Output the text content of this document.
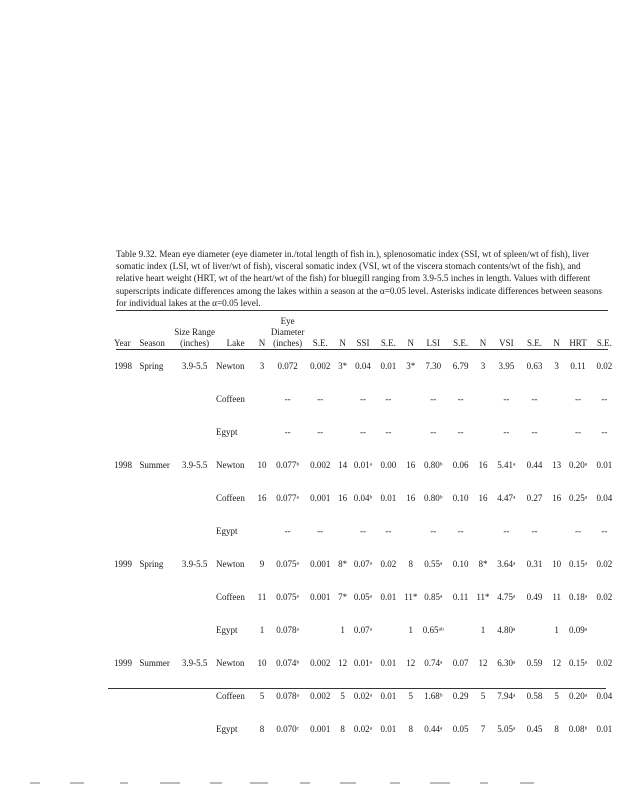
Table 9.32. Mean eye diameter (eye diameter in./total length of fish in.), splenosomatic index (SSI, wt of spleen/wt of fish), liver somatic index (LSI, wt of liver/wt of fish), visceral somatic index (VSI, wt of the viscera stomach contents/wt of the fish), and relative heart weight (HRT, wt of the heart/wt of the fish) for bluegill ranging from 3.9-5.5 inches in length. Values with different superscripts indicate differences among the lakes within a season at the α=0.05 level. Asterisks indicate differences between seasons for individual lakes at the α=0.05 level.
Year	Season	Size Range (inches)	Lake	N	Eye Diameter (inches)	S.E.	N	SSI	S.E.	N	LSI	S.E.	N	VSI	S.E.	N	HRT	S.E.
1998	Spring	3.9-5.5	Newton	3	0.072	0.002	3*	0.04	0.01	3*	7.30	6.79	3	3.95	0.63	3	0.11	0.02
			Coffeen		--	--		--	--		--	--		--	--		--	--
			Egypt		--	--		--	--		--	--		--	--		--	--
1998	Summer	3.9-5.5	Newton	10	0.077ᵇ	0.002	14	0.01ᵃ	0.00	16	0.80ᵇ	0.06	16	5.41ᵃ	0.44	13	0.20ᵃ	0.01
			Coffeen	16	0.077ᵃ	0.001	16	0.04ᵇ	0.01	16	0.80ᵇ	0.10	16	4.47ᵃ	0.27	16	0.25ᵃ	0.04
			Egypt		--	--		--	--		--	--		--	--		--	--
1999	Spring	3.9-5.5	Newton	9	0.075ᵃ	0.001	8*	0.07ᵃ	0.02	8	0.55ᵃ	0.10	8*	3.64ᵃ	0.31	10	0.15ᵃ	0.02
			Coffeen	11	0.075ᵃ	0.001	7*	0.05ᵃ	0.01	11*	0.85ᵃ	0.11	11*	4.75ᵃ	0.49	11	0.18ᵃ	0.02
			Egypt	1	0.078ᵃ		1	0.07ᵃ		1	0.65ᵃᵇ		1	4.80ᵃ		1	0.09ᵃ	
1999	Summer	3.9-5.5	Newton	10	0.074ᵇ	0.002	12	0.01ᵃ	0.01	12	0.74ᵃ	0.07	12	6.30ᵃ	0.59	12	0.15ᵃ	0.02
			Coffeen	5	0.078ᵃ	0.002	5	0.02ᵃ	0.01	5	1.68ᵇ	0.29	5	7.94ᵃ	0.58	5	0.20ᵃ	0.04
			Egypt	8	0.070ᶜ	0.001	8	0.02ᵃ	0.01	8	0.44ᵃ	0.05	7	5.05ᵃ	0.45	8	0.08ᵇ	0.01
